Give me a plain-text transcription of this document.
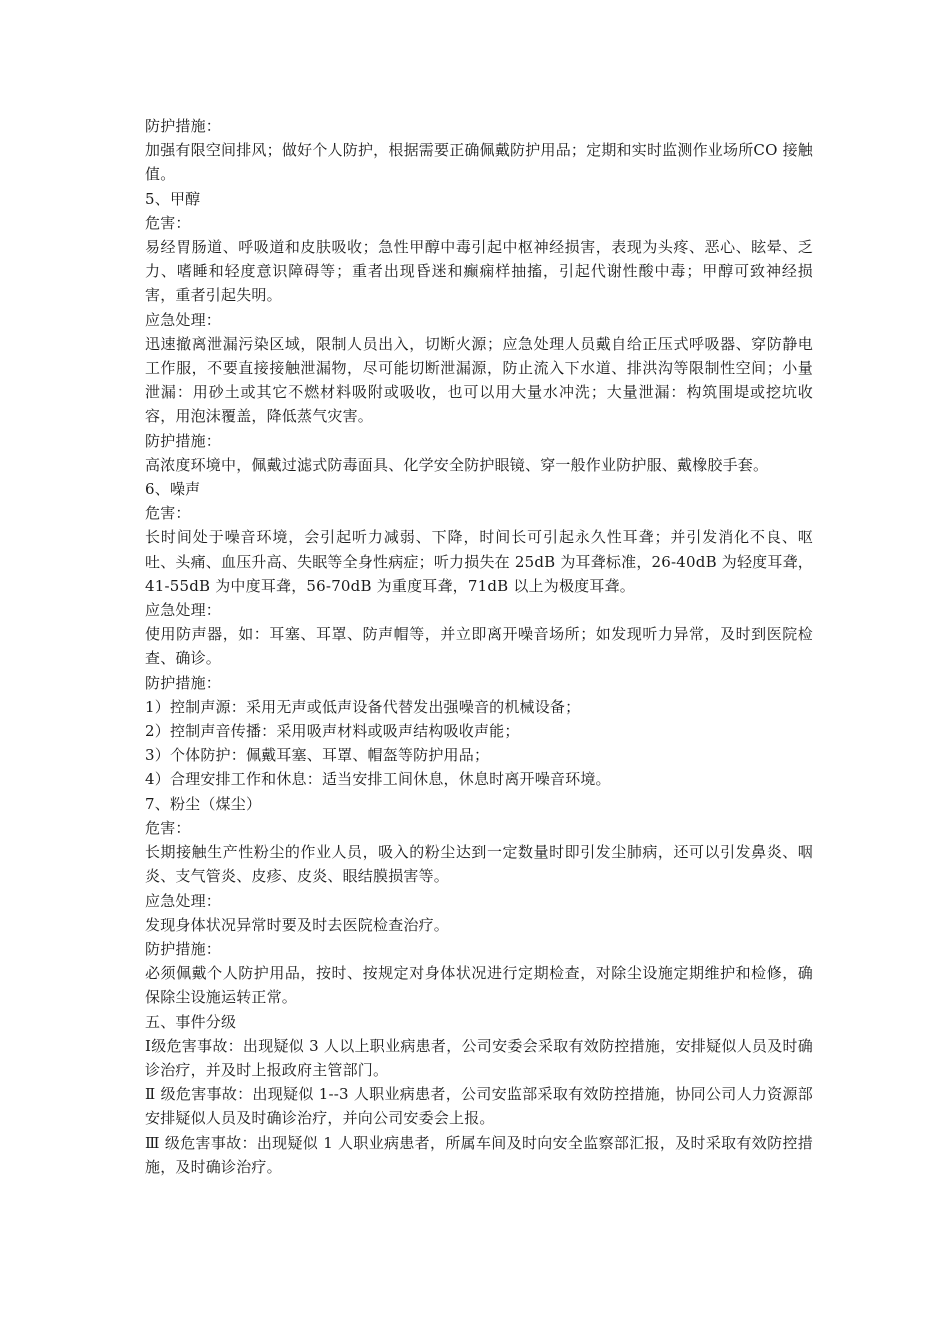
防护措施：
加强有限空间排风；做好个人防护，根据需要正确佩戴防护用品；定期和实时监测作业场所CO 接触值。
5、甲醇
危害：
易经胃肠道、呼吸道和皮肤吸收；急性甲醇中毒引起中枢神经损害，表现为头疼、恶心、眩晕、乏力、嗜睡和轻度意识障碍等；重者出现昏迷和癫痫样抽搐，引起代谢性酸中毒；甲醇可致神经损害，重者引起失明。
应急处理：
迅速撤离泄漏污染区域，限制人员出入，切断火源；应急处理人员戴自给正压式呼吸器、穿防静电工作服，不要直接接触泄漏物，尽可能切断泄漏源，防止流入下水道、排洪沟等限制性空间；小量泄漏：用砂土或其它不燃材料吸附或吸收，也可以用大量水冲洗；大量泄漏：构筑围堤或挖坑收容，用泡沫覆盖，降低蒸气灾害。
防护措施：
高浓度环境中，佩戴过滤式防毒面具、化学安全防护眼镜、穿一般作业防护服、戴橡胶手套。
6、噪声
危害：
长时间处于噪音环境，会引起听力减弱、下降，时间长可引起永久性耳聋；并引发消化不良、呕吐、头痛、血压升高、失眠等全身性病症；听力损失在 25dB 为耳聋标准，26-40dB 为轻度耳聋，41-55dB 为中度耳聋，56-70dB 为重度耳聋，71dB 以上为极度耳聋。
应急处理：
使用防声器，如：耳塞、耳罩、防声帽等，并立即离开噪音场所；如发现听力异常，及时到医院检查、确诊。
防护措施：
1）控制声源：采用无声或低声设备代替发出强噪音的机械设备；
2）控制声音传播：采用吸声材料或吸声结构吸收声能；
3）个体防护：佩戴耳塞、耳罩、帽盔等防护用品；
4）合理安排工作和休息：适当安排工间休息，休息时离开噪音环境。
7、粉尘（煤尘）
危害：
长期接触生产性粉尘的作业人员，吸入的粉尘达到一定数量时即引发尘肺病，还可以引发鼻炎、咽炎、支气管炎、皮疹、皮炎、眼结膜损害等。
应急处理：
发现身体状况异常时要及时去医院检查治疗。
防护措施：
必须佩戴个人防护用品，按时、按规定对身体状况进行定期检查，对除尘设施定期维护和检修，确保除尘设施运转正常。
五、事件分级
Ⅰ级危害事故：出现疑似 3 人以上职业病患者，公司安委会采取有效防控措施，安排疑似人员及时确诊治疗，并及时上报政府主管部门。
Ⅱ 级危害事故：出现疑似 1--3 人职业病患者，公司安监部采取有效防控措施，协同公司人力资源部安排疑似人员及时确诊治疗，并向公司安委会上报。
Ⅲ 级危害事故：出现疑似 1 人职业病患者，所属车间及时向安全监察部汇报，及时采取有效防控措施，及时确诊治疗。
